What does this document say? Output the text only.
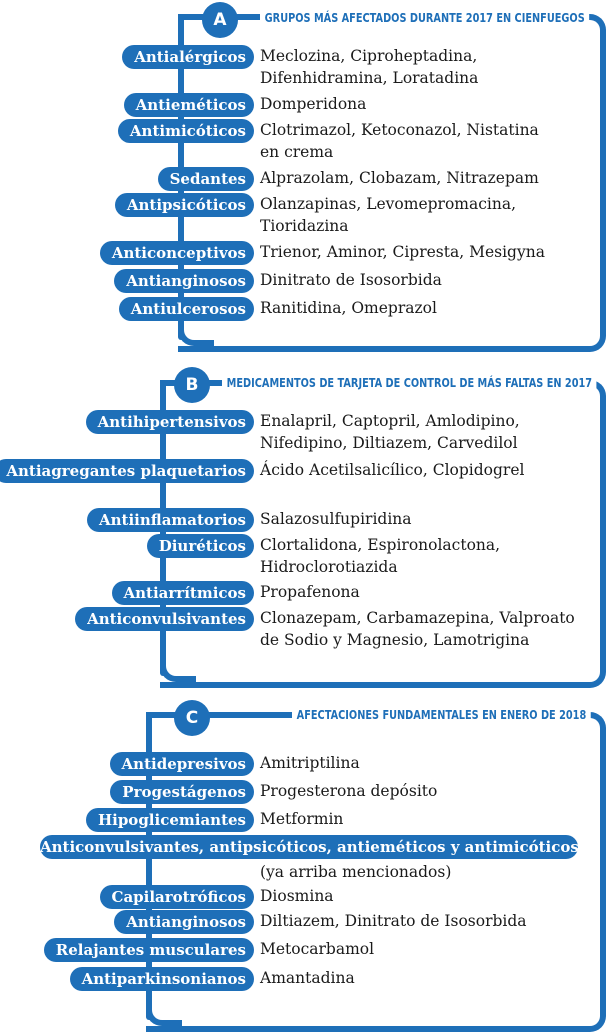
A	GRUPOS MÁS AFECTADOS DURANTE 2017 EN CIENFUEGOS
Antialérgicos Meclozina, Ciproheptadina,
Difenhidramina, Loratadina
Antieméticos Domperidona
Antimicóticos Clotrimazol, Ketoconazol, Nistatina
en crema
Sedantes Alprazolam, Clobazam, Nitrazepam
Antipsicóticos Olanzapinas, Levomepromacina,
Tioridazina
Anticonceptivos Trienor, Aminor, Cipresta, Mesigyna
Antianginosos Dinitrato de Isosorbida
Antiulcerosos Ranitidina, Omeprazol
B	MEDICAMENTOS DE TARJETA DE CONTROL DE MÁS FALTAS EN 2017
Antihipertensivos Enalapril, Captopril, Amlodipino,
Nifedipino, Diltiazem, Carvedilol
Antiagregantes plaquetarios Ácido Acetilsalicílico, Clopidogrel
Antiinflamatorios Salazosulfupiridina
Diuréticos Clortalidona, Espironolactona,
Hidroclorotiazida
Antiarrítmicos Propafenona
Anticonvulsivantes Clonazepam, Carbamazepina, Valproato
de Sodio y Magnesio, Lamotrigina
C	AFECTACIONES FUNDAMENTALES EN ENERO DE 2018
Antidepresivos Amitriptilina
Progestágenos Progesterona depósito
Hipoglicemiantes Metformin
Anticonvulsivantes, antipsicóticos, antieméticos y antimicóticos
(ya arriba mencionados)
Capilarotróficos Diosmina
Antianginosos Diltiazem, Dinitrato de Isosorbida
Relajantes musculares Metocarbamol
Antiparkinsonianos Amantadina
